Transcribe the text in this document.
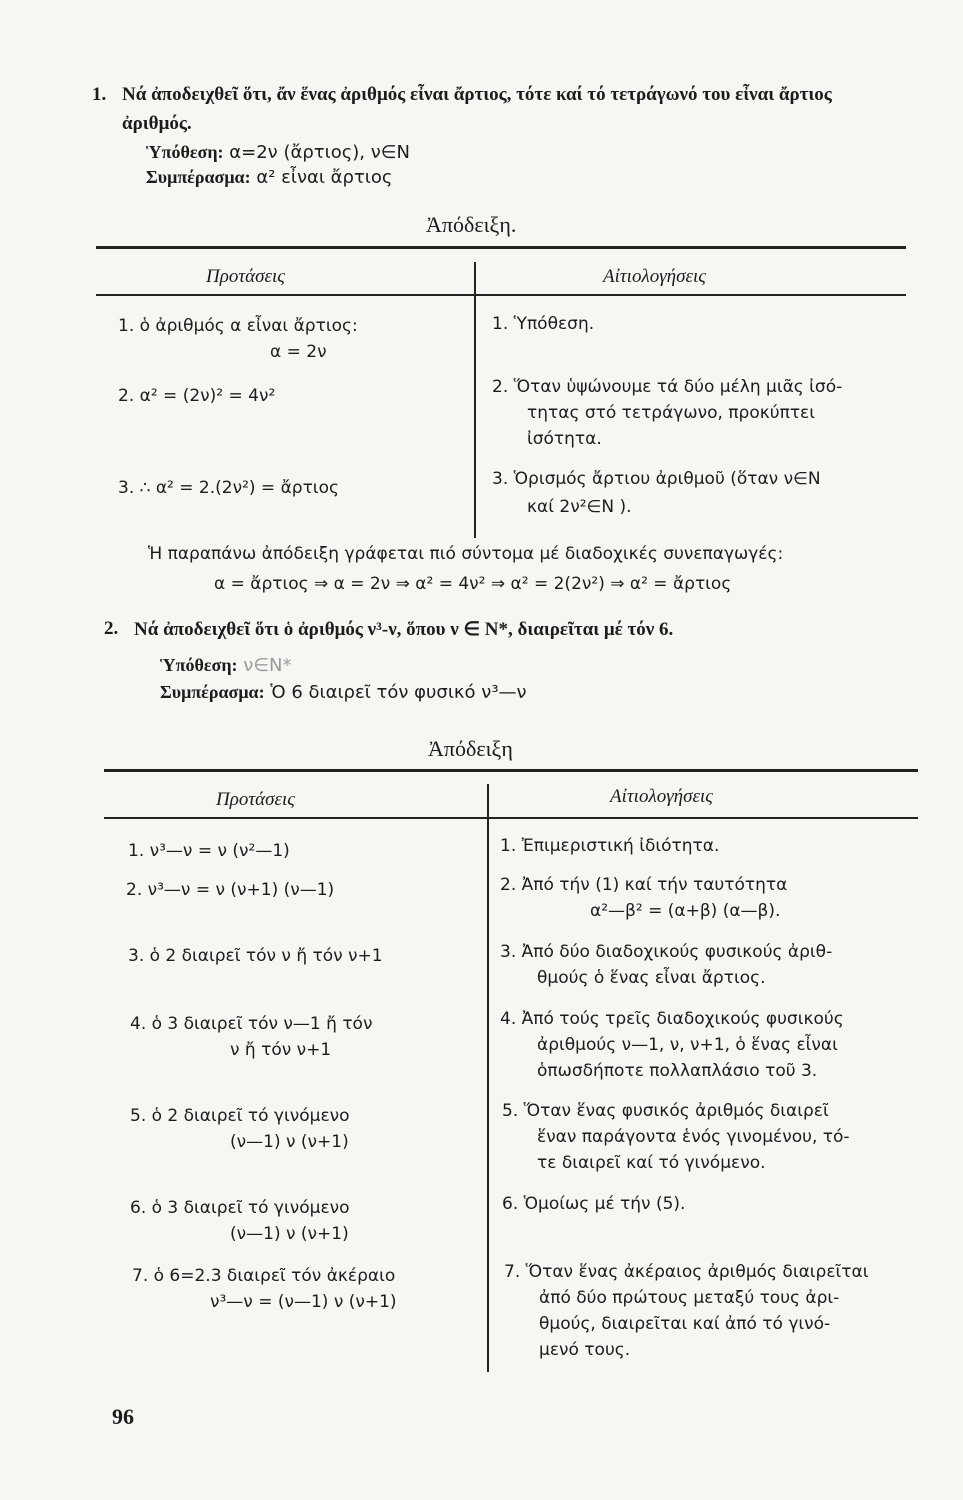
1. Νά ἀποδειχθεῖ ὅτι, ἄν ἕνας ἀριθμός εἶναι ἄρτιος, τότε καί τό τετράγωνό του εἶναι ἄρτιος
ἀριθμός.
Ὑπόθεση: α=2ν (ἄρτιος), ν∈N
Συμπέρασμα: α² εἶναι ἄρτιος
Ἀπόδειξη.
Προτάσεις	Αἰτιολογήσεις
1. ὁ ἀριθμός α εἶναι ἄρτιος:
α = 2ν
2. α² = (2ν)² = 4ν²
3. ∴ α² = 2.(2ν²) = ἄρτιος
1. Ὑπόθεση.
2. Ὅταν ὑψώνουμε τά δύο μέλη μιᾶς ἰσό-
τητας στό τετράγωνο, προκύπτει
ἰσότητα.
3. Ὁρισμός ἄρτιου ἀριθμοῦ (ὅταν ν∈N
καί 2ν²∈N ).
Ἡ παραπάνω ἀπόδειξη γράφεται πιό σύντομα μέ διαδοχικές συνεπαγωγές:
α = ἄρτιος ⇒ α = 2ν ⇒ α² = 4ν² ⇒ α² = 2(2ν²) ⇒ α² = ἄρτιος
2. Νά ἀποδειχθεῖ ὅτι ὁ ἀριθμός ν³-ν, ὅπου ν ∈ N*, διαιρεῖται μέ τόν 6.
Ὑπόθεση: ν∈N*
Συμπέρασμα: Ὁ 6 διαιρεῖ τόν φυσικό ν³—ν
Ἀπόδειξη
Προτάσεις	Αἰτιολογήσεις
1. ν³—ν = ν (ν²—1)
2. ν³—ν = ν (ν+1) (ν—1)
3. ὁ 2 διαιρεῖ τόν ν ἤ τόν ν+1
4. ὁ 3 διαιρεῖ τόν ν—1 ἤ τόν
ν ἤ τόν ν+1
5. ὁ 2 διαιρεῖ τό γινόμενο
(ν—1) ν (ν+1)
6. ὁ 3 διαιρεῖ τό γινόμενο
(ν—1) ν (ν+1)
7. ὁ 6=2.3 διαιρεῖ τόν ἀκέραιο
ν³—ν = (ν—1) ν (ν+1)
1. Ἐπιμεριστική ἰδιότητα.
2. Ἀπό τήν (1) καί τήν ταυτότητα
α²—β² = (α+β) (α—β).
3. Ἀπό δύο διαδοχικούς φυσικούς ἀριθ-
θμούς ὁ ἕνας εἶναι ἄρτιος.
4. Ἀπό τούς τρεῖς διαδοχικούς φυσικούς
ἀριθμούς ν—1, ν, ν+1, ὁ ἕνας εἶναι
ὁπωσδήποτε πολλαπλάσιο τοῦ 3.
5. Ὅταν ἕνας φυσικός ἀριθμός διαιρεῖ
ἕναν παράγοντα ἑνός γινομένου, τό-
τε διαιρεῖ καί τό γινόμενο.
6. Ὁμοίως μέ τήν (5).
7. Ὅταν ἕνας ἀκέραιος ἀριθμός διαιρεῖται
ἀπό δύο πρώτους μεταξύ τους ἀρι-
θμούς, διαιρεῖται καί ἀπό τό γινό-
μενό τους.
96
